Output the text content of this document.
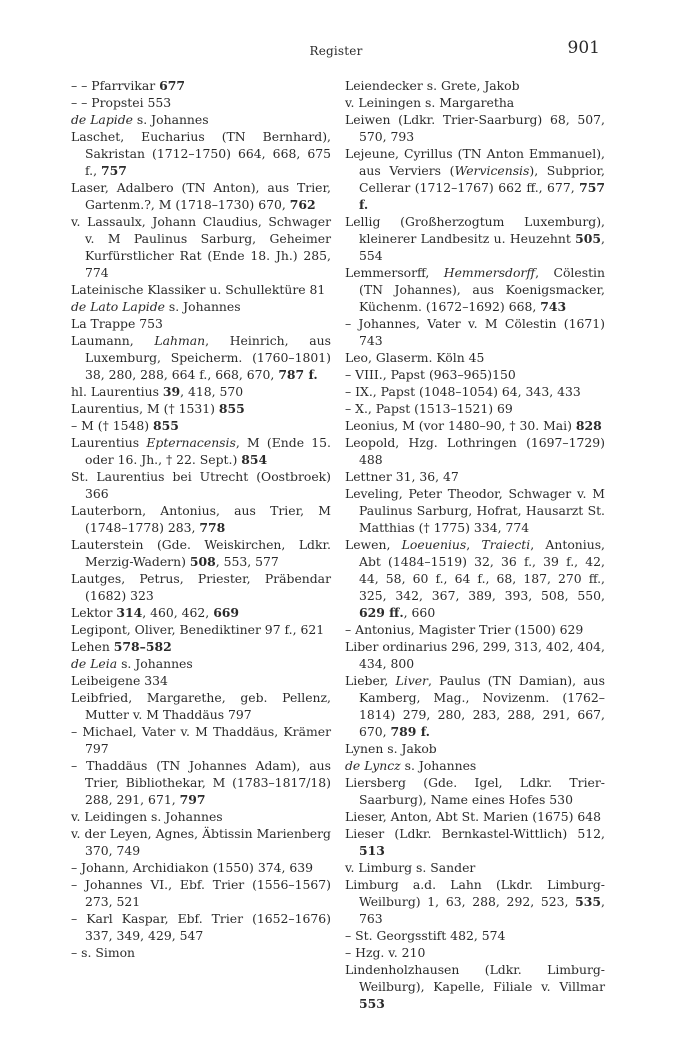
Register	901

– – Pfarrvikar 677

– – Propstei 553

de Lapide s. Johannes

Laschet, Eucharius (TN Bernhard), Sakristan (1712–1750) 664, 668, 675 f., 757

Laser, Adalbero (TN Anton), aus Trier, Gartenm.?, M (1718–1730) 670, 762

v. Lassaulx, Johann Claudius, Schwager v. M Paulinus Sarburg, Geheimer Kurfürstlicher Rat (Ende 18. Jh.) 285, 774

Lateinische Klassiker u. Schullektüre 81

de Lato Lapide s. Johannes

La Trappe 753

Laumann, Lahman, Heinrich, aus Luxemburg, Speicherm. (1760–1801) 38, 280, 288, 664 f., 668, 670, 787 f.

hl. Laurentius 39, 418, 570

Laurentius, M († 1531) 855

– M († 1548) 855

Laurentius Epternacensis, M (Ende 15. oder 16. Jh., † 22. Sept.) 854

St. Laurentius bei Utrecht (Oostbroek) 366

Lauterborn, Antonius, aus Trier, M (1748–1778) 283, 778

Lauterstein (Gde. Weiskirchen, Ldkr. Merzig-Wadern) 508, 553, 577

Lautges, Petrus, Priester, Präbendar (1682) 323

Lektor 314, 460, 462, 669

Legipont, Oliver, Benediktiner 97 f., 621

Lehen 578–582

de Leia s. Johannes

Leibeigene 334

Leibfried, Margarethe, geb. Pellenz, Mutter v. M Thaddäus 797

– Michael, Vater v. M Thaddäus, Krämer 797

– Thaddäus (TN Johannes Adam), aus Trier, Bibliothekar, M (1783–1817/18) 288, 291, 671, 797

v. Leidingen s. Johannes

v. der Leyen, Agnes, Äbtissin Marienberg 370, 749

– Johann, Archidiakon (1550) 374, 639

– Johannes VI., Ebf. Trier (1556–1567) 273, 521

– Karl Kaspar, Ebf. Trier (1652–1676) 337, 349, 429, 547

– s. Simon

Leiendecker s. Grete, Jakob

v. Leiningen s. Margaretha

Leiwen (Ldkr. Trier-Saarburg) 68, 507, 570, 793

Lejeune, Cyrillus (TN Anton Emmanuel), aus Verviers (Wervicensis), Subprior, Cellerar (1712–1767) 662 ff., 677, 757 f.

Lellig (Großherzogtum Luxemburg), kleinerer Landbesitz u. Heuzehnt 505, 554

Lemmersorff, Hemmersdorff, Cölestin (TN Johannes), aus Koenigsmacker, Küchenm. (1672–1692) 668, 743

– Johannes, Vater v. M Cölestin (1671) 743

Leo, Glaserm. Köln 45

– VIII., Papst (963–965)150

– IX., Papst (1048–1054) 64, 343, 433

– X., Papst (1513–1521) 69

Leonius, M (vor 1480–90, † 30. Mai) 828

Leopold, Hzg. Lothringen (1697–1729) 488

Lettner 31, 36, 47

Leveling, Peter Theodor, Schwager v. M Paulinus Sarburg, Hofrat, Hausarzt St. Matthias († 1775) 334, 774

Lewen, Loeuenius, Traiecti, Antonius, Abt (1484–1519) 32, 36 f., 39 f., 42, 44, 58, 60 f., 64 f., 68, 187, 270 ff., 325, 342, 367, 389, 393, 508, 550, 629 ff., 660

– Antonius, Magister Trier (1500) 629

Liber ordinarius 296, 299, 313, 402, 404, 434, 800

Lieber, Liver, Paulus (TN Damian), aus Kamberg, Mag., Novizenm. (1762–1814) 279, 280, 283, 288, 291, 667, 670, 789 f.

Lynen s. Jakob

de Lyncz s. Johannes

Liersberg (Gde. Igel, Ldkr. Trier-Saarburg), Name eines Hofes 530

Lieser, Anton, Abt St. Marien (1675) 648

Lieser (Ldkr. Bernkastel-Wittlich) 512, 513

v. Limburg s. Sander

Limburg a.d. Lahn (Lkdr. Limburg-Weilburg) 1, 63, 288, 292, 523, 535, 763

– St. Georgsstift 482, 574

– Hzg. v. 210

Lindenholzhausen (Ldkr. Limburg-Weilburg), Kapelle, Filiale v. Villmar 553
